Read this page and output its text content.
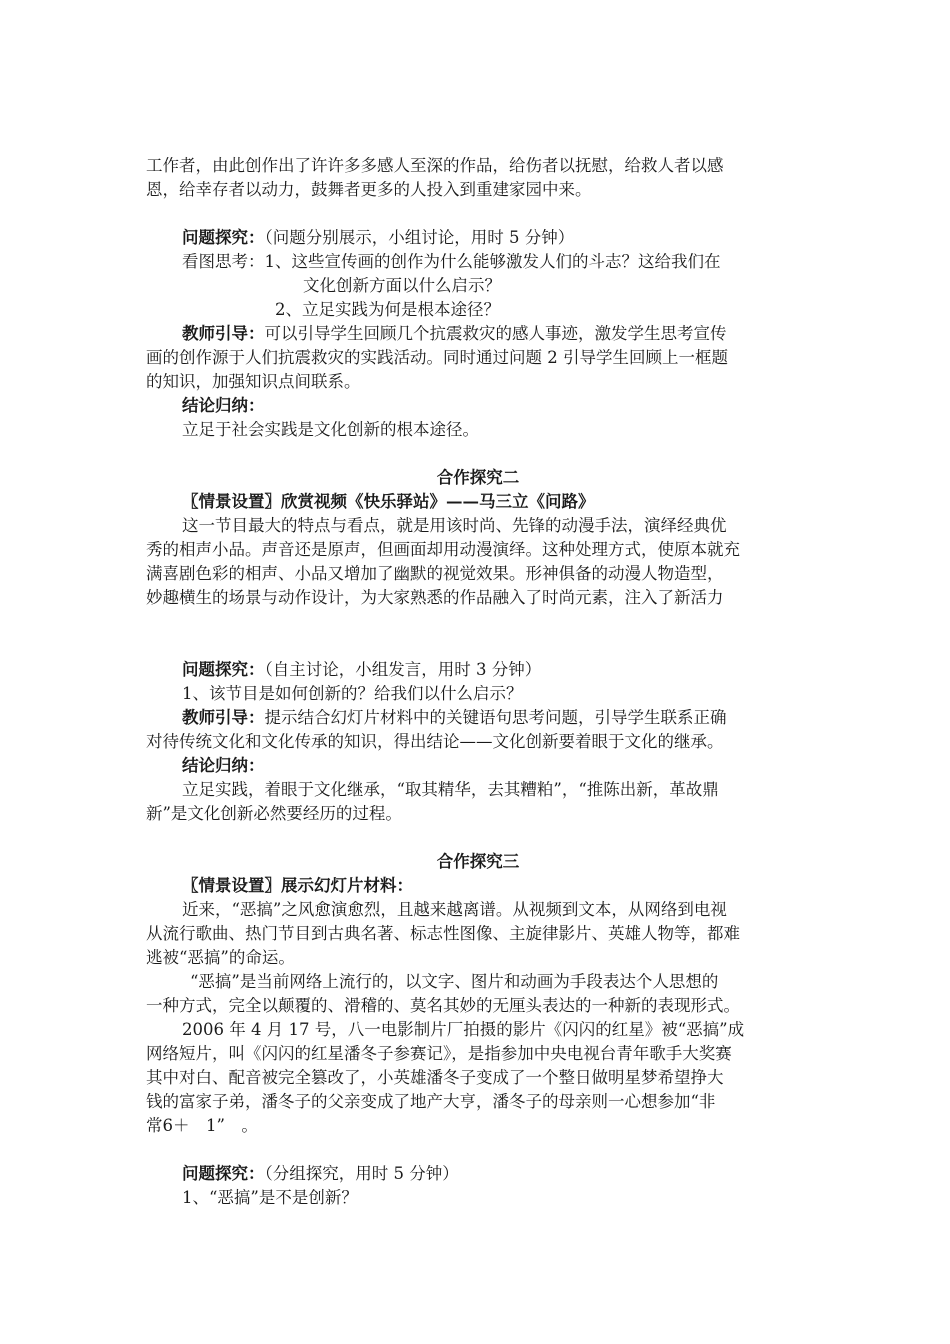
工作者，由此创作出了许许多多感人至深的作品，给伤者以抚慰，给救人者以感
恩，给幸存者以动力，鼓舞者更多的人投入到重建家园中来。
问题探究：（问题分别展示，小组讨论，用时 5 分钟）
看图思考：1、这些宣传画的创作为什么能够激发人们的斗志？这给我们在
文化创新方面以什么启示？
2、立足实践为何是根本途径？
教师引导：可以引导学生回顾几个抗震救灾的感人事迹，激发学生思考宣传
画的创作源于人们抗震救灾的实践活动。同时通过问题 2 引导学生回顾上一框题
的知识，加强知识点间联系。
结论归纳：
立足于社会实践是文化创新的根本途径。
合作探究二
〖情景设置〗欣赏视频《快乐驿站》——马三立《问路》
这一节目最大的特点与看点，就是用该时尚、先锋的动漫手法，演绎经典优
秀的相声小品。声音还是原声，但画面却用动漫演绎。这种处理方式，使原本就充
满喜剧色彩的相声、小品又增加了幽默的视觉效果。形神俱备的动漫人物造型，
妙趣横生的场景与动作设计，为大家熟悉的作品融入了时尚元素，注入了新活力
问题探究：（自主讨论，小组发言，用时 3 分钟）
1、该节目是如何创新的？给我们以什么启示？
教师引导：提示结合幻灯片材料中的关键语句思考问题，引导学生联系正确
对待传统文化和文化传承的知识，得出结论——文化创新要着眼于文化的继承。
结论归纳：
立足实践，着眼于文化继承，“取其精华，去其糟粕”，“推陈出新，革故鼎
新”是文化创新必然要经历的过程。
合作探究三
〖情景设置〗展示幻灯片材料：
近来，“恶搞”之风愈演愈烈，且越来越离谱。从视频到文本，从网络到电视
从流行歌曲、热门节目到古典名著、标志性图像、主旋律影片、英雄人物等，都难
逃被“恶搞”的命运。
“恶搞”是当前网络上流行的，以文字、图片和动画为手段表达个人思想的
一种方式，完全以颠覆的、滑稽的、莫名其妙的无厘头表达的一种新的表现形式。
2006 年 4 月 17 号，八一电影制片厂拍摄的影片《闪闪的红星》被“恶搞”成
网络短片，叫《闪闪的红星潘冬子参赛记》，是指参加中央电视台青年歌手大奖赛
其中对白、配音被完全篡改了，小英雄潘冬子变成了一个整日做明星梦希望挣大
钱的富家子弟，潘冬子的父亲变成了地产大亨，潘冬子的母亲则一心想参加“非
常6＋　1”　。
问题探究：（分组探究，用时 5 分钟）
1、“恶搞”是不是创新？
